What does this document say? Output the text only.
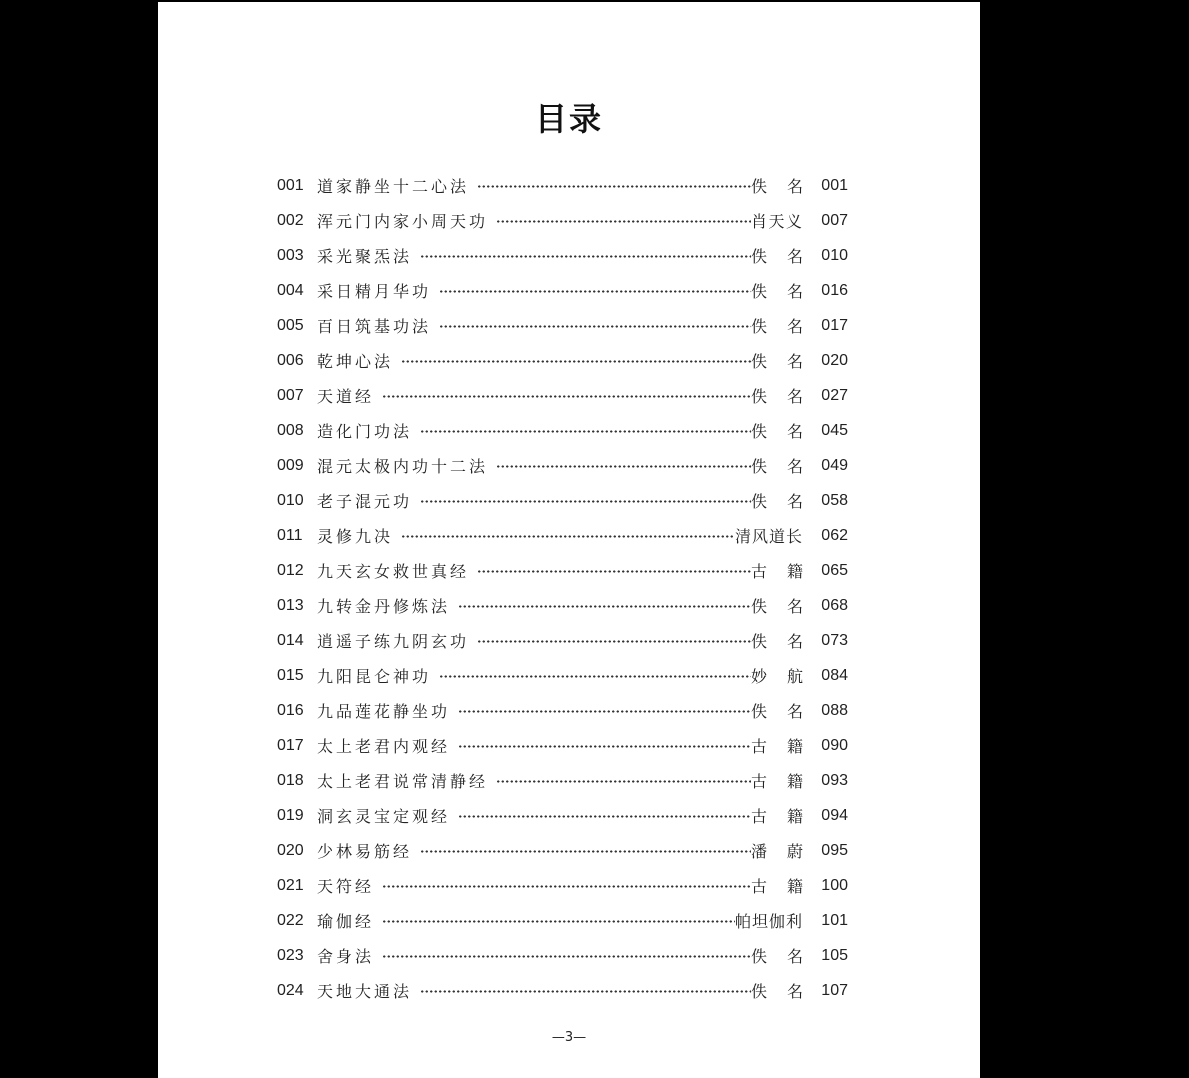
目录
001 道家静坐十二心法	佚 名	001
002 浑元门内家小周天功	肖天义	007
003 采光聚炁法	佚 名	010
004 采日精月华功	佚 名	016
005 百日筑基功法	佚 名	017
006 乾坤心法	佚 名	020
007 天道经	佚 名	027
008 造化门功法	佚 名	045
009 混元太极内功十二法	佚 名	049
010 老子混元功	佚 名	058
011 灵修九决	清风道长	062
012 九天玄女救世真经	古 籍	065
013 九转金丹修炼法	佚 名	068
014 逍遥子练九阴玄功	佚 名	073
015 九阳昆仑神功	妙 航	084
016 九品莲花静坐功	佚 名	088
017 太上老君内观经	古 籍	090
018 太上老君说常清静经	古 籍	093
019 洞玄灵宝定观经	古 籍	094
020 少林易筋经	潘 蔚	095
021 天符经	古 籍	100
022 瑜伽经	帕坦伽利	101
023 舍身法	佚 名	105
024 天地大通法	佚 名	107
—3—
